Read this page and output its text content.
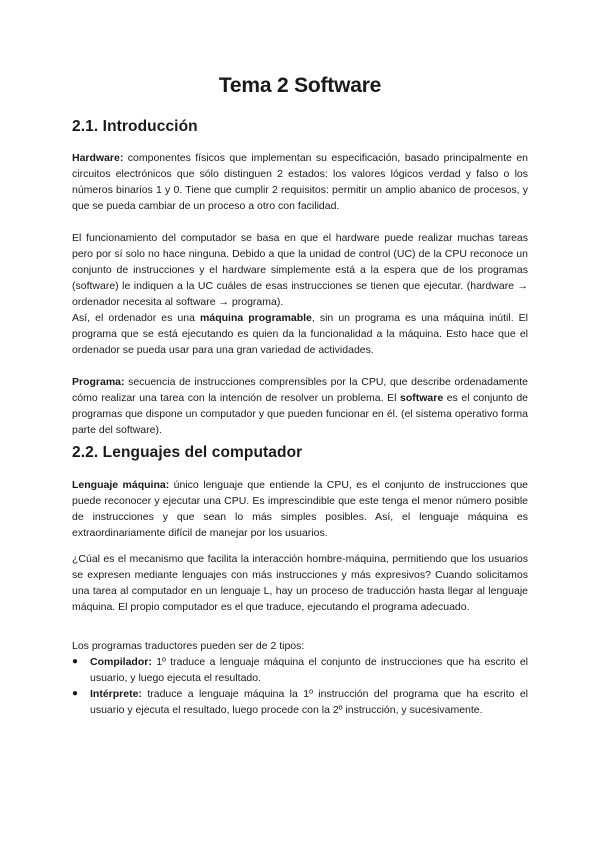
Tema 2 Software
2.1. Introducción

Hardware: componentes físicos que implementan su especificación, basado principalmente en circuitos electrónicos que sólo distinguen 2 estados: los valores lógicos verdad y falso o los números binarios 1 y 0. Tiene que cumplir 2 requisitos: permitir un amplio abanico de procesos, y que se pueda cambiar de un proceso a otro con facilidad.

El funcionamiento del computador se basa en que el hardware puede realizar muchas tareas pero por sí solo no hace ninguna. Debido a que la unidad de control (UC) de la CPU reconoce un conjunto de instrucciones y el hardware simplemente está a la espera que de los programas (software) le indiquen a la UC cuáles de esas instrucciones se tienen que ejecutar. (hardware → ordenador necesita al software → programa).

Así, el ordenador es una máquina programable, sin un programa es una máquina inútil. El programa que se está ejecutando es quien da la funcionalidad a la máquina. Esto hace que el ordenador se pueda usar para una gran variedad de actividades.

Programa: secuencia de instrucciones comprensibles por la CPU, que describe ordenadamente cómo realizar una tarea con la intención de resolver un problema. El software es el conjunto de programas que dispone un computador y que pueden funcionar en él. (el sistema operativo forma parte del software).

2.2. Lenguajes del computador

Lenguaje máquina: único lenguaje que entiende la CPU, es el conjunto de instrucciones que puede reconocer y ejecutar una CPU. Es imprescindible que este tenga el menor número posible de instrucciones y que sean lo más simples posibles. Así, el lenguaje máquina es extraordinariamente difícil de manejar por los usuarios.

¿Cúal es el mecanismo que facilita la interacción hombre-máquina, permitiendo que los usuarios se expresen mediante lenguajes con más instrucciones y más expresivos? Cuando solicitamos una tarea al computador en un lenguaje L, hay un proceso de traducción hasta llegar al lenguaje máquina. El propio computador es el que traduce, ejecutando el programa adecuado.

Los programas traductores pueden ser de 2 tipos:

● Compilador: 1º traduce a lenguaje máquina el conjunto de instrucciones que ha escrito el usuario, y luego ejecuta el resultado.
● Intérprete: traduce a lenguaje máquina la 1º instrucción del programa que ha escrito el usuario y ejecuta el resultado, luego procede con la 2º instrucción, y sucesivamente.
